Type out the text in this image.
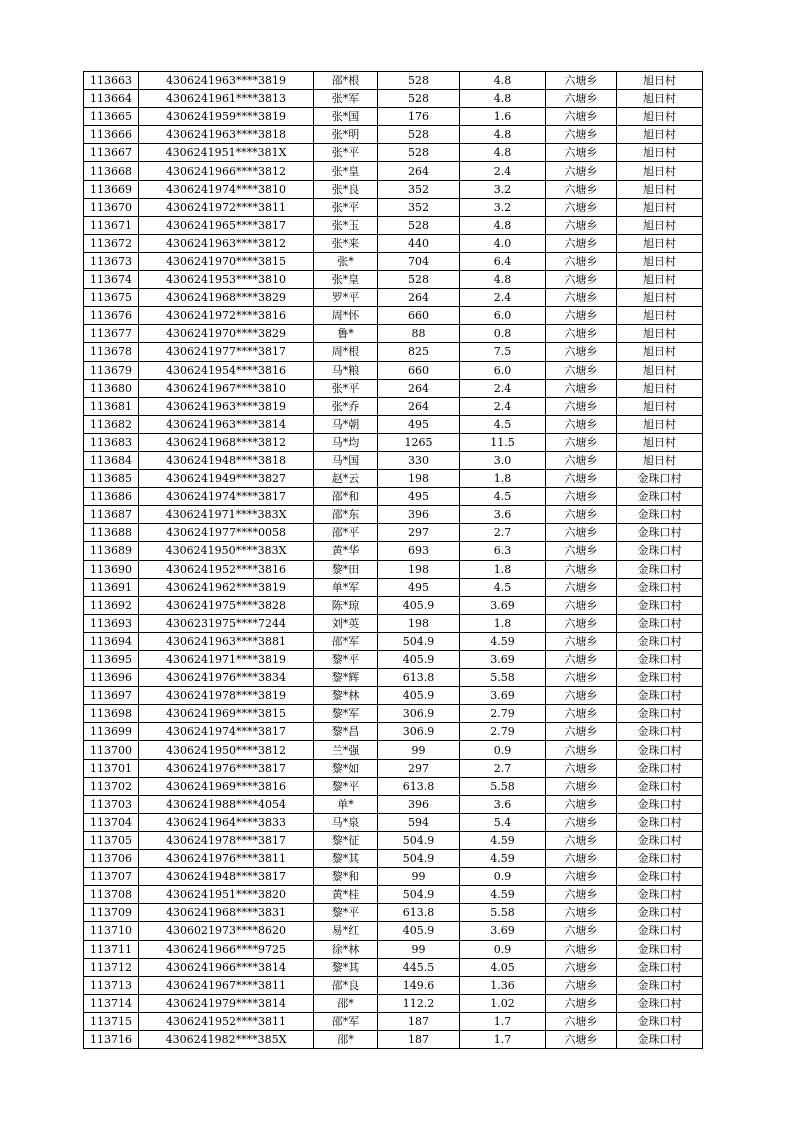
113663	4306241963****3819	邵*根	528	4.8	六塘乡	旭日村
113664	4306241961****3813	张*军	528	4.8	六塘乡	旭日村
113665	4306241959****3819	张*国	176	1.6	六塘乡	旭日村
113666	4306241963****3818	张*明	528	4.8	六塘乡	旭日村
113667	4306241951****381X	张*平	528	4.8	六塘乡	旭日村
113668	4306241966****3812	张*皇	264	2.4	六塘乡	旭日村
113669	4306241974****3810	张*良	352	3.2	六塘乡	旭日村
113670	4306241972****3811	张*平	352	3.2	六塘乡	旭日村
113671	4306241965****3817	张*玉	528	4.8	六塘乡	旭日村
113672	4306241963****3812	张*来	440	4.0	六塘乡	旭日村
113673	4306241970****3815	张*	704	6.4	六塘乡	旭日村
113674	4306241953****3810	张*皇	528	4.8	六塘乡	旭日村
113675	4306241968****3829	罗*平	264	2.4	六塘乡	旭日村
113676	4306241972****3816	周*怀	660	6.0	六塘乡	旭日村
113677	4306241970****3829	鲁*	88	0.8	六塘乡	旭日村
113678	4306241977****3817	周*根	825	7.5	六塘乡	旭日村
113679	4306241954****3816	马*粮	660	6.0	六塘乡	旭日村
113680	4306241967****3810	张*平	264	2.4	六塘乡	旭日村
113681	4306241963****3819	张*乔	264	2.4	六塘乡	旭日村
113682	4306241963****3814	马*朝	495	4.5	六塘乡	旭日村
113683	4306241968****3812	马*均	1265	11.5	六塘乡	旭日村
113684	4306241948****3818	马*国	330	3.0	六塘乡	旭日村
113685	4306241949****3827	赵*云	198	1.8	六塘乡	金珠口村
113686	4306241974****3817	邵*和	495	4.5	六塘乡	金珠口村
113687	4306241971****383X	邵*东	396	3.6	六塘乡	金珠口村
113688	4306241977****0058	邵*平	297	2.7	六塘乡	金珠口村
113689	4306241950****383X	黄*华	693	6.3	六塘乡	金珠口村
113690	4306241952****3816	黎*田	198	1.8	六塘乡	金珠口村
113691	4306241962****3819	单*军	495	4.5	六塘乡	金珠口村
113692	4306241975****3828	陈*琼	405.9	3.69	六塘乡	金珠口村
113693	4306231975****7244	刘*英	198	1.8	六塘乡	金珠口村
113694	4306241963****3881	邵*军	504.9	4.59	六塘乡	金珠口村
113695	4306241971****3819	黎*平	405.9	3.69	六塘乡	金珠口村
113696	4306241976****3834	黎*辉	613.8	5.58	六塘乡	金珠口村
113697	4306241978****3819	黎*林	405.9	3.69	六塘乡	金珠口村
113698	4306241969****3815	黎*军	306.9	2.79	六塘乡	金珠口村
113699	4306241974****3817	黎*昌	306.9	2.79	六塘乡	金珠口村
113700	4306241950****3812	兰*强	99	0.9	六塘乡	金珠口村
113701	4306241976****3817	黎*如	297	2.7	六塘乡	金珠口村
113702	4306241969****3816	黎*平	613.8	5.58	六塘乡	金珠口村
113703	4306241988****4054	单*	396	3.6	六塘乡	金珠口村
113704	4306241964****3833	马*泉	594	5.4	六塘乡	金珠口村
113705	4306241978****3817	黎*征	504.9	4.59	六塘乡	金珠口村
113706	4306241976****3811	黎*其	504.9	4.59	六塘乡	金珠口村
113707	4306241948****3817	黎*和	99	0.9	六塘乡	金珠口村
113708	4306241951****3820	黄*桂	504.9	4.59	六塘乡	金珠口村
113709	4306241968****3831	黎*平	613.8	5.58	六塘乡	金珠口村
113710	4306021973****8620	易*红	405.9	3.69	六塘乡	金珠口村
113711	4306241966****9725	徐*林	99	0.9	六塘乡	金珠口村
113712	4306241966****3814	黎*其	445.5	4.05	六塘乡	金珠口村
113713	4306241967****3811	邵*良	149.6	1.36	六塘乡	金珠口村
113714	4306241979****3814	邵*	112.2	1.02	六塘乡	金珠口村
113715	4306241952****3811	邵*军	187	1.7	六塘乡	金珠口村
113716	4306241982****385X	邵*	187	1.7	六塘乡	金珠口村
